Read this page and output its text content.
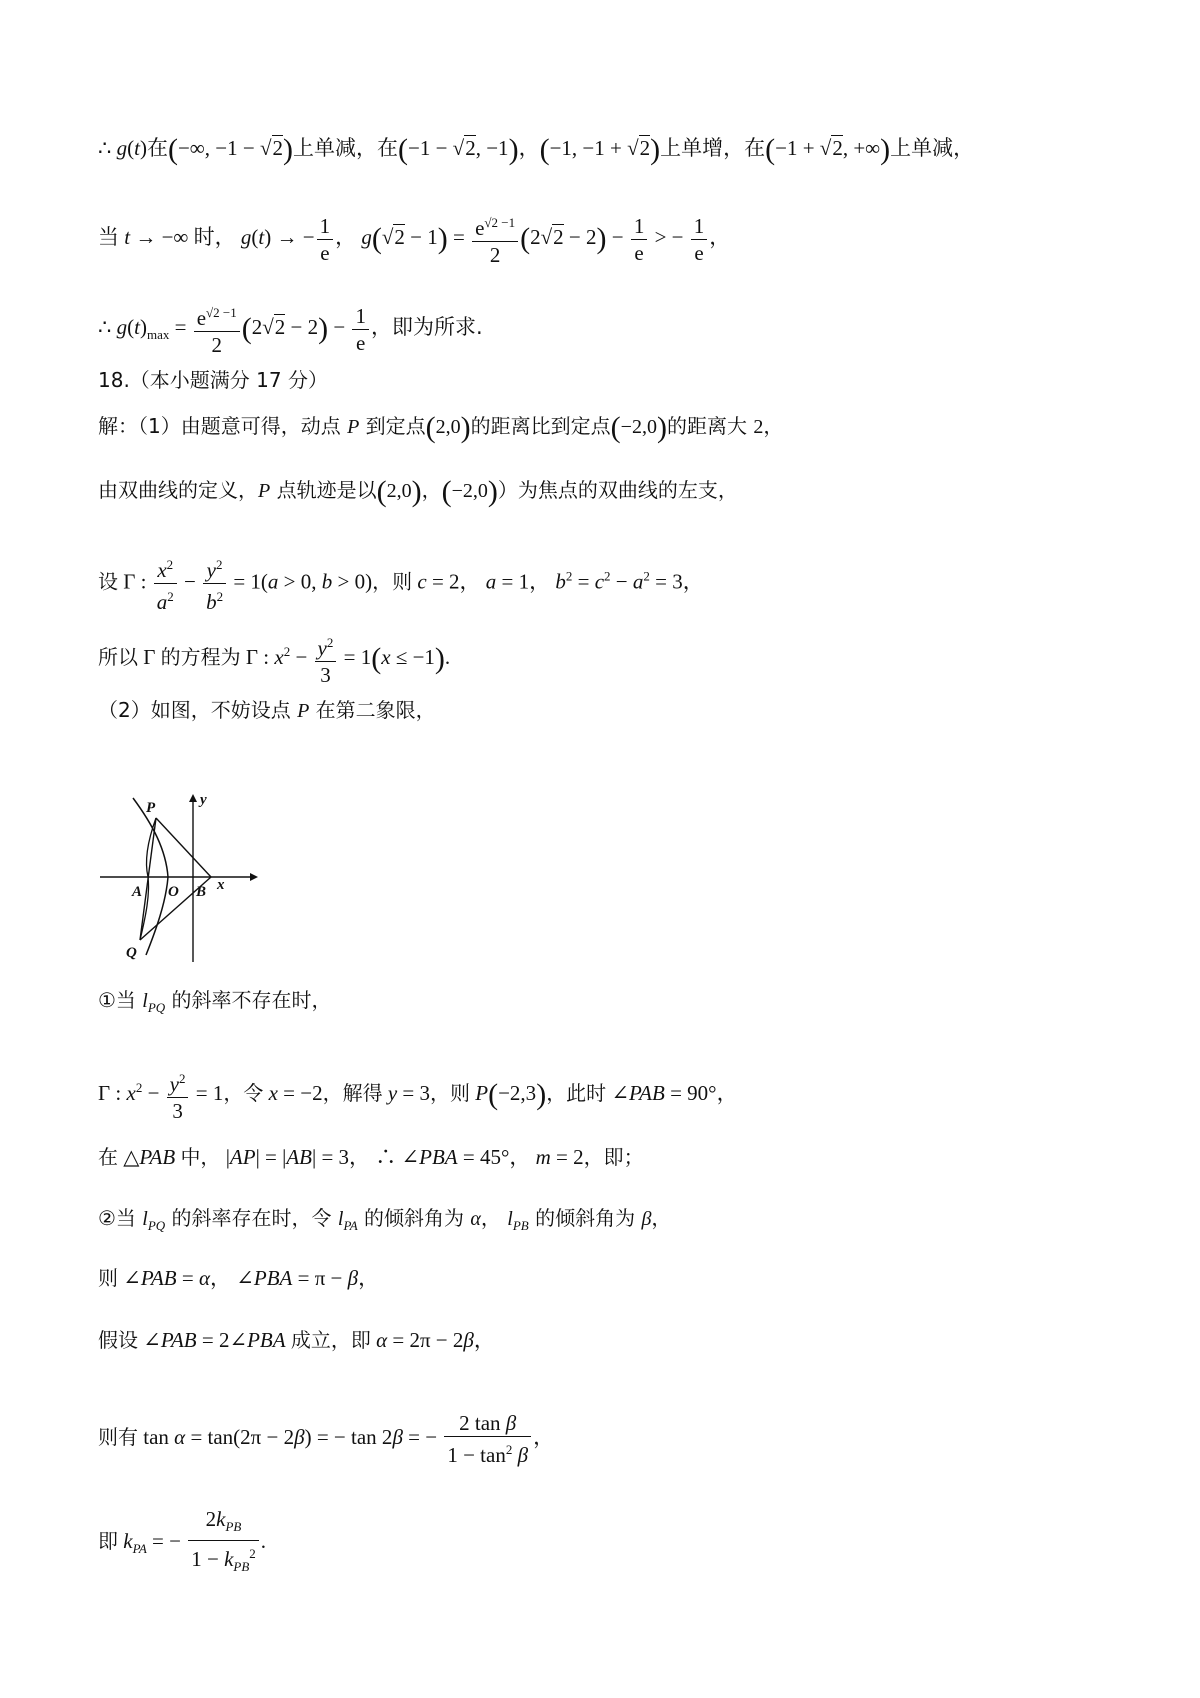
∴ g(t)在(−∞, −1 − √2)上单减，在(−1 − √2, −1)，(−1, −1 + √2)上单增，在(−1 + √2, +∞)上单减，
当 t → −∞ 时， g(t) → − $\frac{1}{e}$ ， $g(√2 - 1) = \frac{e^{√2 -1}}{2} (2√2 - 2) - \frac{1}{e}$ > − $\frac{1}{e}$ ，
∴ $g(t)_{max} = \frac{e^{√2 -1}}{2} (2√2 - 2) - \frac{1}{e}$ ，即为所求.
18.（本小题满分 17 分）
解：（1）由题意可得，动点 P 到定点(2,0)的距离比到定点(−2,0)的距离大 2，
由双曲线的定义，P 点轨迹是以(2,0)，(−2,0)）为焦点的双曲线的左支，
设 Γ : $\frac{x^2}{a^2} - \frac{y^2}{b^2} = 1(a > 0$, b > 0)，则 c = 2， a = 1， $b^2 = c^2 - a^2 = 3$，
所以 Γ 的方程为 Γ : $x^2 - \frac{y^2}{3} = 1(x \le -1)$.
（2）如图，不妨设点 P 在第二象限，
P	y
A O B x
Q
①当 $l_{PQ}$ 的斜率不存在时，
Γ : $x^2 - \frac{y^2}{3} = 1$，令 x = −2，解得 y = 3，则 P(−2,3)，此时 ∠PAB = 90°，
在 △PAB 中， |AP| = |AB| = 3， ∴ ∠PBA = 45°， m = 2，即；
②当 $l_{PQ}$ 的斜率存在时，令 $l_{PA}$ 的倾斜角为 α， $l_{PB}$ 的倾斜角为 β，
则 ∠PAB = α， ∠PBA = π − β，
假设 ∠PAB = 2∠PBA 成立，即 α = 2π − 2β，
则有 tan α = tan(2π − 2β) = − tan 2β = − $\frac{\text{2 tan β}}{1 - \tan^2 \beta}$ ，
即 $k_{PA}$ = − $\frac{2k_{PB}}{1 - k_{PB}^2}$ .
